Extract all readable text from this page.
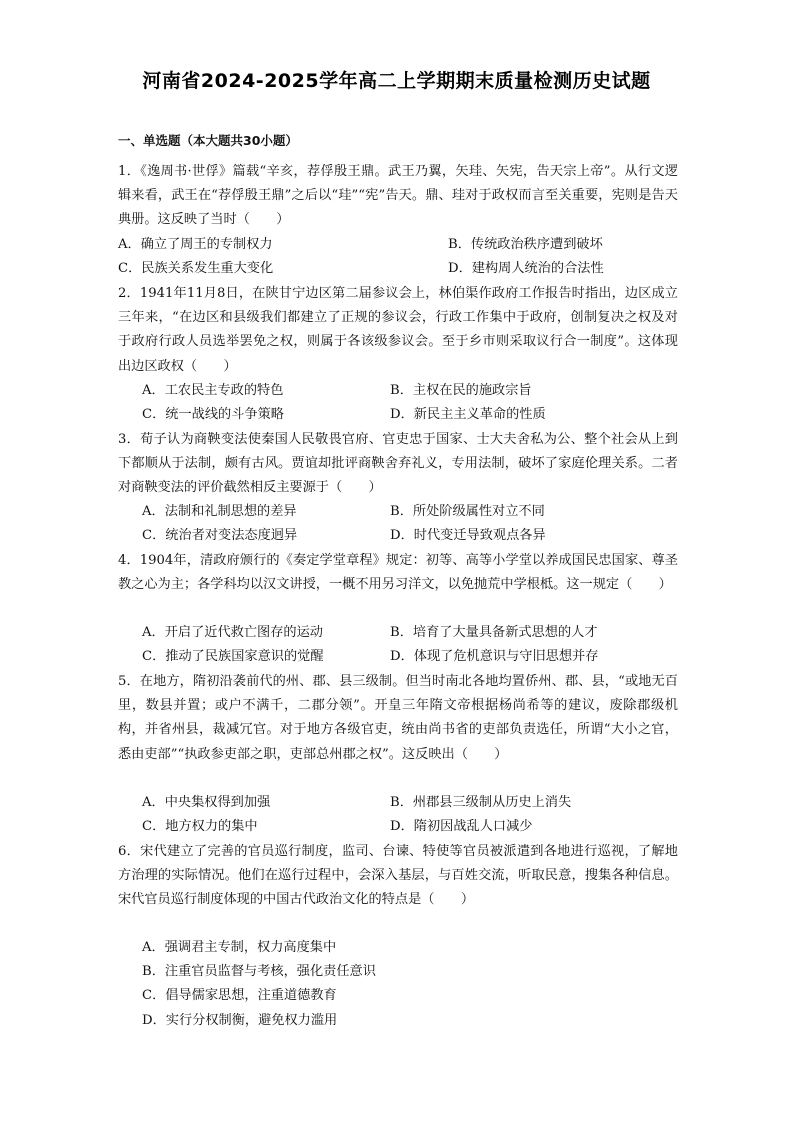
河南省2024-2025学年高二上学期期末质量检测历史试题
一、单选题（本大题共30小题）
1．《逸周书·世俘》篇载“辛亥，荐俘殷王鼎。武王乃翼，矢珪、矢宪，告天宗上帝”。从行文逻辑来看，武王在“荐俘殷王鼎”之后以“珪”“宪”告天。鼎、珪对于政权而言至关重要，宪则是告天典册。这反映了当时（　　）
A．确立了周王的专制权力	B．传统政治秩序遭到破坏
C．民族关系发生重大变化	D．建构周人统治的合法性
2．1941年11月8日，在陕甘宁边区第二届参议会上，林伯渠作政府工作报告时指出，边区成立三年来，“在边区和县级我们都建立了正规的参议会，行政工作集中于政府，创制复决之权及对于政府行政人员选举罢免之权，则属于各该级参议会。至于乡市则采取议行合一制度”。这体现出边区政权（　　）
A．工农民主专政的特色	B．主权在民的施政宗旨
C．统一战线的斗争策略	D．新民主主义革命的性质
3．荀子认为商鞅变法使秦国人民敬畏官府、官吏忠于国家、士大夫舍私为公、整个社会从上到下都顺从于法制，颇有古风。贾谊却批评商鞅舍弃礼义，专用法制，破坏了家庭伦理关系。二者对商鞅变法的评价截然相反主要源于（　　）
A．法制和礼制思想的差异	B．所处阶级属性对立不同
C．统治者对变法态度迥异	D．时代变迁导致观点各异
4．1904年，清政府颁行的《奏定学堂章程》规定：初等、高等小学堂以养成国民忠国家、尊圣教之心为主；各学科均以汉文讲授，一概不用另习洋文，以免抛荒中学根柢。这一规定（　　）
A．开启了近代救亡图存的运动	B．培育了大量具备新式思想的人才
C．推动了民族国家意识的觉醒	D．体现了危机意识与守旧思想并存
5．在地方，隋初沿袭前代的州、郡、县三级制。但当时南北各地均置侨州、郡、县，“或地无百里，数县并置；或户不满千，二郡分领”。开皇三年隋文帝根据杨尚希等的建议，废除郡级机构，并省州县，裁减冗官。对于地方各级官吏，统由尚书省的吏部负责选任，所谓“大小之官，悉由吏部”“执政参吏部之职，吏部总州郡之权”。这反映出（　　）
A．中央集权得到加强	B．州郡县三级制从历史上消失
C．地方权力的集中	D．隋初因战乱人口减少
6．宋代建立了完善的官员巡行制度，监司、台谏、特使等官员被派遣到各地进行巡视，了解地方治理的实际情况。他们在巡行过程中，会深入基层，与百姓交流，听取民意，搜集各种信息。宋代官员巡行制度体现的中国古代政治文化的特点是（　　）
A．强调君主专制，权力高度集中
B．注重官员监督与考核，强化责任意识
C．倡导儒家思想，注重道德教育
D．实行分权制衡，避免权力滥用
